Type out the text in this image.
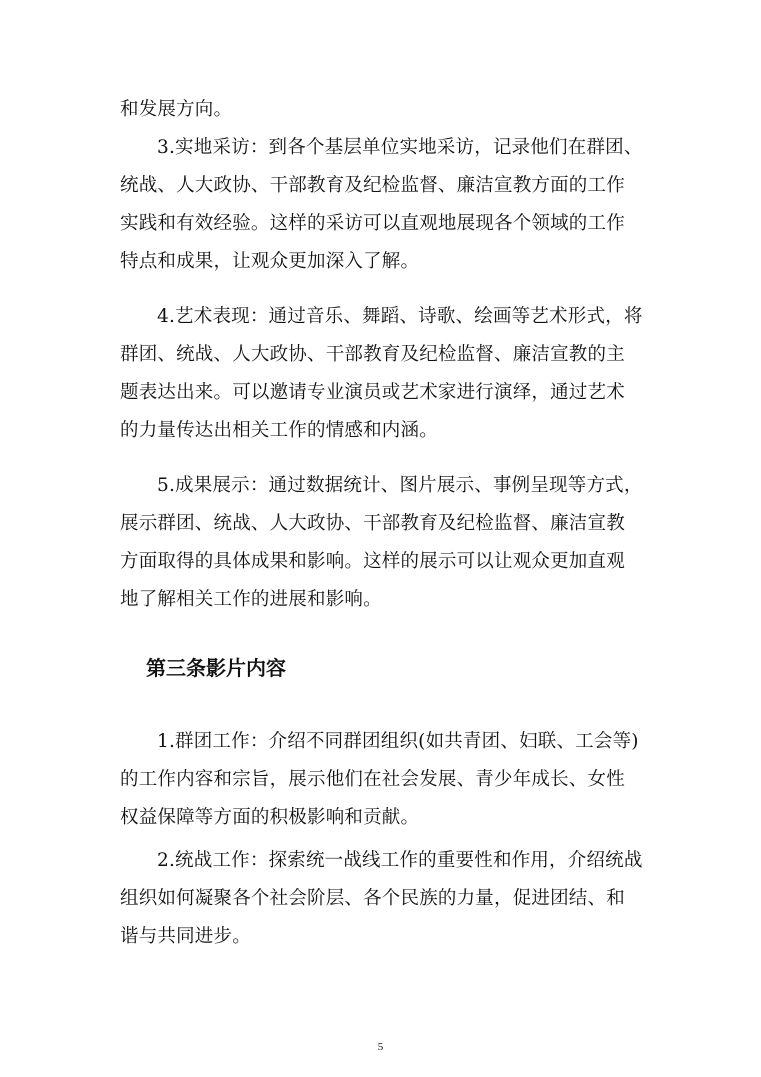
和发展方向。
3.实地采访：到各个基层单位实地采访，记录他们在群团、
统战、人大政协、干部教育及纪检监督、廉洁宣教方面的工作
实践和有效经验。这样的采访可以直观地展现各个领域的工作
特点和成果，让观众更加深入了解。
4.艺术表现：通过音乐、舞蹈、诗歌、绘画等艺术形式，将
群团、统战、人大政协、干部教育及纪检监督、廉洁宣教的主
题表达出来。可以邀请专业演员或艺术家进行演绎，通过艺术
的力量传达出相关工作的情感和内涵。
5.成果展示：通过数据统计、图片展示、事例呈现等方式，
展示群团、统战、人大政协、干部教育及纪检监督、廉洁宣教
方面取得的具体成果和影响。这样的展示可以让观众更加直观
地了解相关工作的进展和影响。
第三条影片内容
1.群团工作：介绍不同群团组织(如共青团、妇联、工会等)
的工作内容和宗旨，展示他们在社会发展、青少年成长、女性
权益保障等方面的积极影响和贡献。
2.统战工作：探索统一战线工作的重要性和作用，介绍统战
组织如何凝聚各个社会阶层、各个民族的力量，促进团结、和
谐与共同进步。
5
